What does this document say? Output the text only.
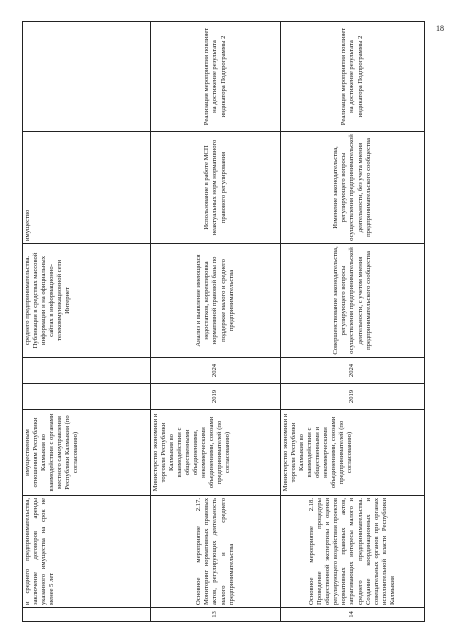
18
	и среднего предпринимательства, заключение договоров аренды указанного имущества на срок не менее 5 лет	имущественным отношениям Республики Калмыкия во взаимодействии с органами местного самоуправления Республики Калмыкия (по согласованию)			среднего предпринимательства. Публикация в средствах массовой информации и на официальных сайтах в информационно-телекоммуникационной сети Интернет	имущество	
13	Основное мероприятие 2.17. Мониторинг нормативных правовых актов, регулирующих деятельность малого и среднего предпринимательства	Министерство экономики и торговли Республики Калмыкия во взаимодействии с общественными объединениями, некоммерческими объединениями, союзами предпринимателей (по согласованию)	2019	2024	Анализ и выявление имеющихся недостатков, корректировка нормативной правовой базы по поддержке малого и среднего предпринимательства	Использование в работе МСП неактуальных норм нормативного правового регулирования	Реализация мероприятия повлияет на достижение результата индикатора Подпрограммы 2
14	Основное мероприятие 2.18. Проведение процедуры общественной экспертизы и оценки регулирующего воздействия проектов нормативных правовых актов, затрагивающих интересы малого и среднего предпринимательства. Создание координационных и совещательных органов при органах исполнительной власти Республики Калмыкия	Министерство экономики и торговли Республики Калмыкия во взаимодействии с общественными и некоммерческими объединениями, союзами предпринимателей (по согласованию)	2019	2024	Совершенствование законодательства, регулирующего вопросы осуществления предпринимательской деятельности, с учетом мнения предпринимательского сообщества	Изменение законодательства, регулирующего вопросы осуществления предпринимательской деятельности, без учета мнения предпринимательского сообщества	Реализация мероприятия повлияет на достижение результата индикатора Подпрограммы 2
